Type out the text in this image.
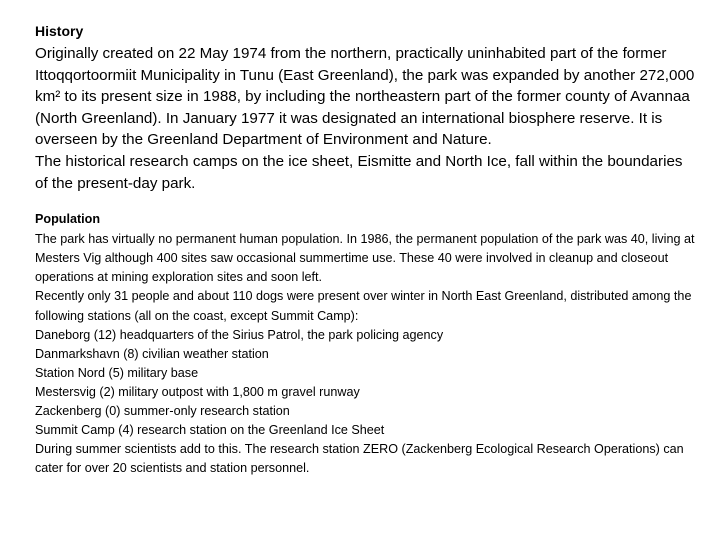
History

Originally created on 22 May 1974 from the northern, practically uninhabited part of the former Ittoqqortoormiit Municipality in Tunu (East Greenland), the park was expanded by another 272,000 km² to its present size in 1988, by including the northeastern part of the former county of Avannaa (North Greenland). In January 1977 it was designated an international biosphere reserve. It is overseen by the Greenland Department of Environment and Nature.

The historical research camps on the ice sheet, Eismitte and North Ice, fall within the boundaries of the present-day park.

Population

The park has virtually no permanent human population. In 1986, the permanent population of the park was 40, living at Mesters Vig although 400 sites saw occasional summertime use. These 40 were involved in cleanup and closeout operations at mining exploration sites and soon left.

Recently only 31 people and about 110 dogs were present over winter in North East Greenland, distributed among the following stations (all on the coast, except Summit Camp):

Daneborg (12) headquarters of the Sirius Patrol, the park policing agency

Danmarkshavn (8) civilian weather station

Station Nord (5) military base

Mestersvig (2) military outpost with 1,800 m gravel runway

Zackenberg (0) summer-only research station

Summit Camp (4) research station on the Greenland Ice Sheet

During summer scientists add to this. The research station ZERO (Zackenberg Ecological Research Operations) can cater for over 20 scientists and station personnel.
